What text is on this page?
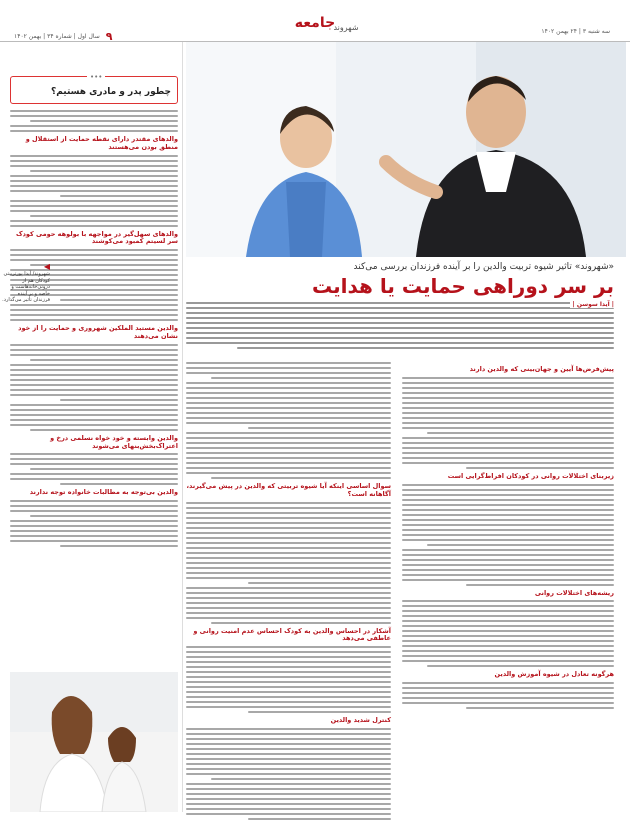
۹
سال اول | شماره ۳۴ | بهمن ۱۴۰۲
جامعه
شهروند	سه شنبه ۳ | ۲۴ بهمن ۱۴۰۲
•••
چطور پدر و مادری هستیم؟
والدهای مقتدر دارای نقطه حمایت از استقلال و منطق بودن می‌هستند
والدهای سهل‌گیر در مواجهه با بولوهه حومی کودک سر لسیتم کمبود می‌کوشند
والدین مستبد الملکین شهروری و حمایت را از خود نشان می‌دهند
والدین وابسته و خود خواه نسلمی درخ و اعتراک‌بخش‌بنهای می‌شوند
والدین بی‌توجه به مطالبات خانواده توجه ندارند
◀
شهروند/ آیدا پورتربیتی کودکان‌ هم از درونی‌خانه‌هاست و خاصه و بر آینده فرزندان تأثیر می‌گذارد.
«شهروند» تاثیر شیوه تربیت والدین را بر آینده فرزندان بررسی می‌کند
بر سر دوراهی حمایت یا هدایت
| آیدا سوسن |
سوال اساسی اینکه آیا شیوه تربیتی که والدین در پیش می‌گیرند، آگاهانه است؟
آشکار در احساس والدین به کودک احساس عدم امنیت روانی و عاطفی می‌دهد
کنترل شدید والدین
پیش‌فرض‌ها آیین و جهان‌بینی که والدین دارند
زیربنای اختلالات روانی در کودکان افراط‌گرایی است
ریشه‌های اختلالات روانی
هرگونه تعادل در شیوه آموزش والدین
